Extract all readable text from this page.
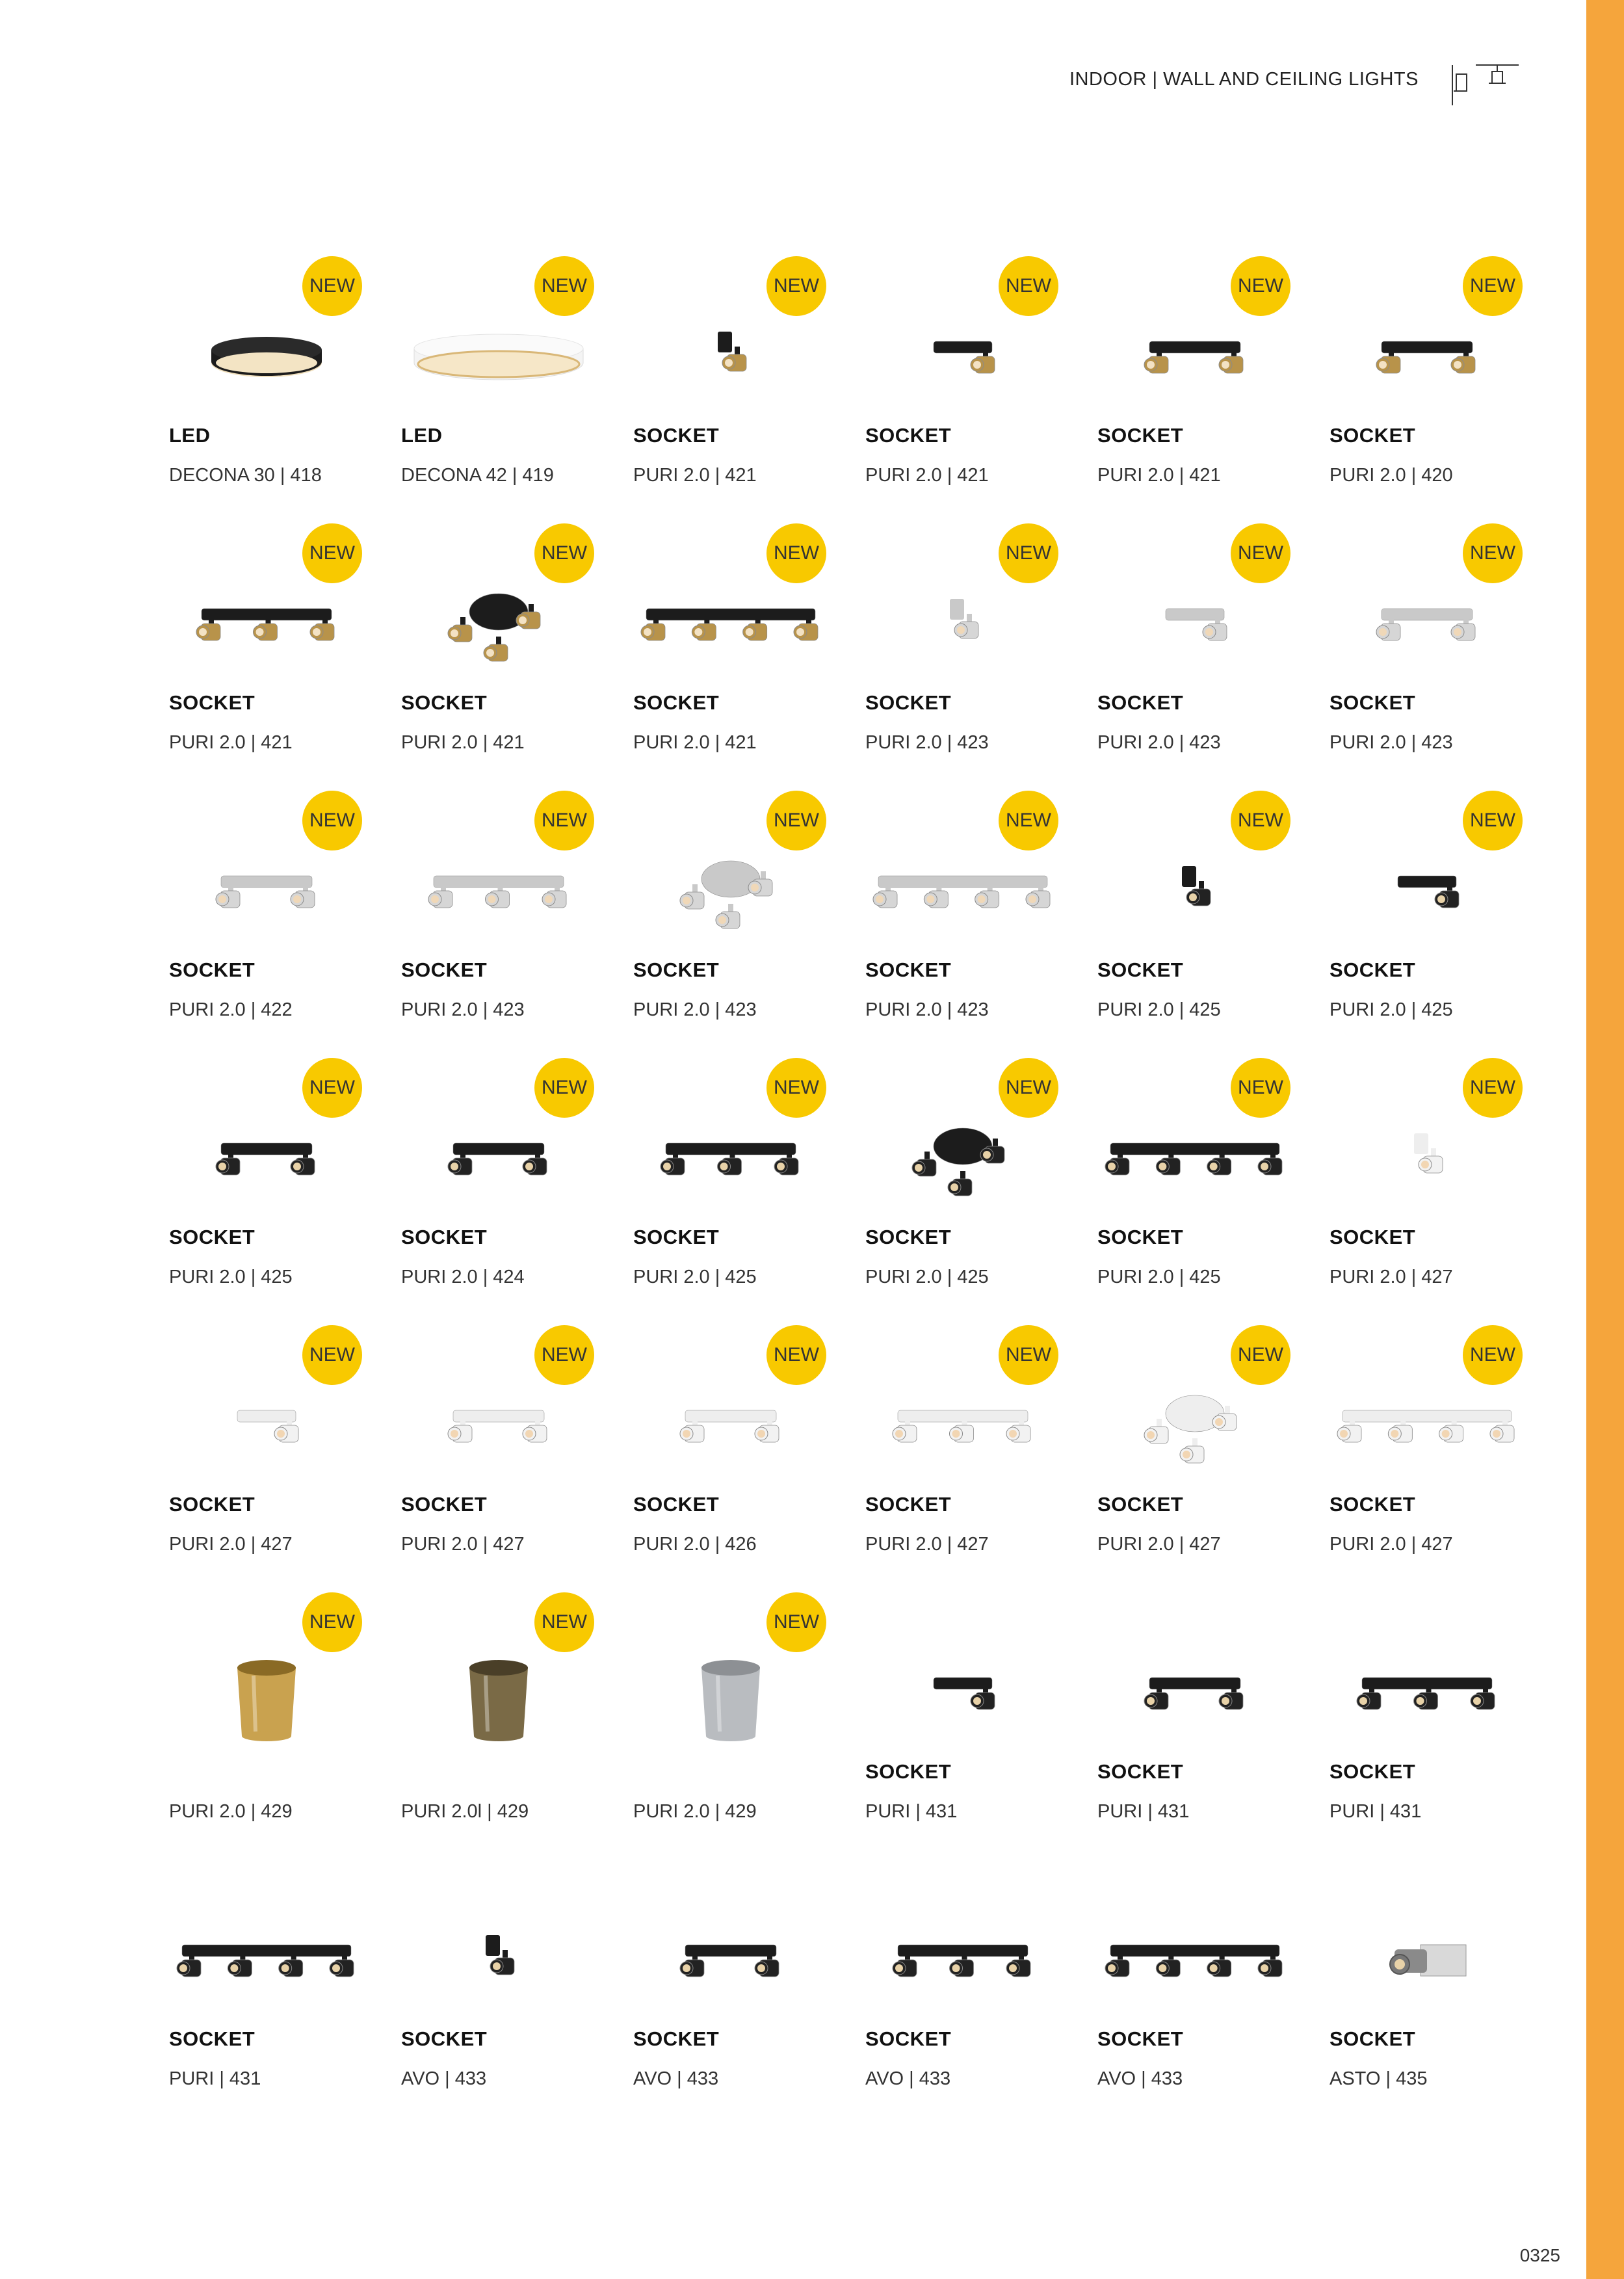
INDOOR | WALL AND CEILING LIGHTS
NEW
LED
DECONA 30 | 418
NEW
LED
DECONA 42 | 419
NEW
SOCKET
PURI 2.0 | 421
NEW
SOCKET
PURI 2.0 | 421
NEW
SOCKET
PURI 2.0 | 421
NEW
SOCKET
PURI 2.0 | 420
NEW
SOCKET
PURI 2.0 | 421
NEW
SOCKET
PURI 2.0 | 421
NEW
SOCKET
PURI 2.0 | 421
NEW
SOCKET
PURI 2.0 | 423
NEW
SOCKET
PURI 2.0 | 423
NEW
SOCKET
PURI 2.0 | 423
NEW
SOCKET
PURI 2.0 | 422
NEW
SOCKET
PURI 2.0 | 423
NEW
SOCKET
PURI 2.0 | 423
NEW
SOCKET
PURI 2.0 | 423
NEW
SOCKET
PURI 2.0 | 425
NEW
SOCKET
PURI 2.0 | 425
NEW
SOCKET
PURI 2.0 | 425
NEW
SOCKET
PURI 2.0 | 424
NEW
SOCKET
PURI 2.0 | 425
NEW
SOCKET
PURI 2.0 | 425
NEW
SOCKET
PURI 2.0 | 425
NEW
SOCKET
PURI 2.0 | 427
NEW
SOCKET
PURI 2.0 | 427
NEW
SOCKET
PURI 2.0 | 427
NEW
SOCKET
PURI 2.0 | 426
NEW
SOCKET
PURI 2.0 | 427
NEW
SOCKET
PURI 2.0 | 427
NEW
SOCKET
PURI 2.0 | 427
NEW
PURI 2.0 | 429
NEW
PURI 2.0l | 429
NEW
PURI 2.0 | 429
SOCKET
PURI | 431
SOCKET
PURI | 431
SOCKET
PURI | 431
SOCKET
PURI | 431
SOCKET
AVO | 433
SOCKET
AVO | 433
SOCKET
AVO | 433
SOCKET
AVO | 433
SOCKET
ASTO | 435
0325
